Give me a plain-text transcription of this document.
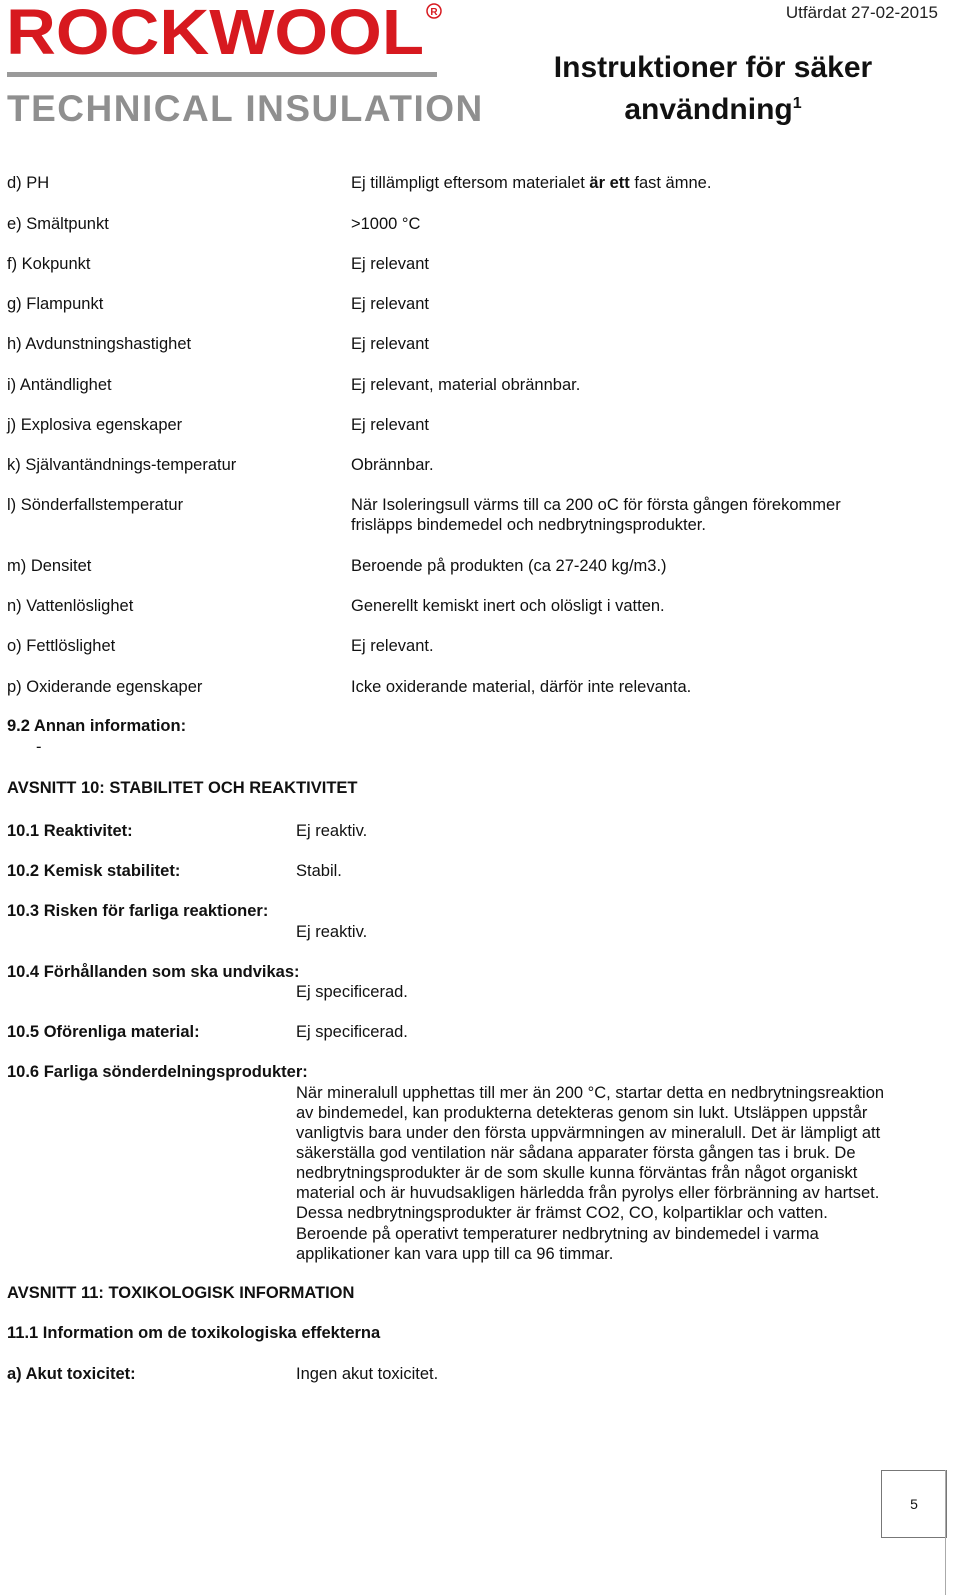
ROCKWOOL R
TECHNICAL INSULATION
Utfärdat 27-02-2015
Instruktioner för säker
användning$^1$
d) PH	Ej tillämpligt eftersom materialet är ett fast ämne.
e) Smältpunkt	>1000 °C
f) Kokpunkt	Ej relevant
g) Flampunkt	Ej relevant
h) Avdunstningshastighet	Ej relevant
i) Antändlighet	Ej relevant, material obrännbar.
j) Explosiva egenskaper	Ej relevant
k) Självantändnings-temperatur	Obrännbar.
l) Sönderfallstemperatur	När Isoleringsull värms till ca 200 oC för första gången förekommer
frisläpps bindemedel och nedbrytningsprodukter.
m) Densitet	Beroende på produkten (ca 27-240 kg/m3.)
n) Vattenlöslighet	Generellt kemiskt inert och olösligt i vatten.
o) Fettlöslighet	Ej relevant.
p) Oxiderande egenskaper	Icke oxiderande material, därför inte relevanta.
9.2 Annan information:
-
AVSNITT 10: STABILITET OCH REAKTIVITET
10.1 Reaktivitet:	Ej reaktiv.
10.2 Kemisk stabilitet:	Stabil.
10.3 Risken för farliga reaktioner:
Ej reaktiv.
10.4 Förhållanden som ska undvikas:
Ej specificerad.
10.5 Oförenliga material:	Ej specificerad.
10.6 Farliga sönderdelningsprodukter:
När mineralull upphettas till mer än 200 °C, startar detta en nedbrytningsreaktion
av bindemedel, kan produkterna detekteras genom sin lukt. Utsläppen uppstår
vanligtvis bara under den första uppvärmningen av mineralull. Det är lämpligt att
säkerställa god ventilation när sådana apparater första gången tas i bruk. De
nedbrytningsprodukter är de som skulle kunna förväntas från något organiskt
material och är huvudsakligen härledda från pyrolys eller förbränning av hartset.
Dessa nedbrytningsprodukter är främst CO2, CO, kolpartiklar och vatten.
Beroende på operativt temperaturer nedbrytning av bindemedel i varma
applikationer kan vara upp till ca 96 timmar.
AVSNITT 11: TOXIKOLOGISK INFORMATION
11.1 Information om de toxikologiska effekterna
a) Akut toxicitet:	Ingen akut toxicitet.
5
